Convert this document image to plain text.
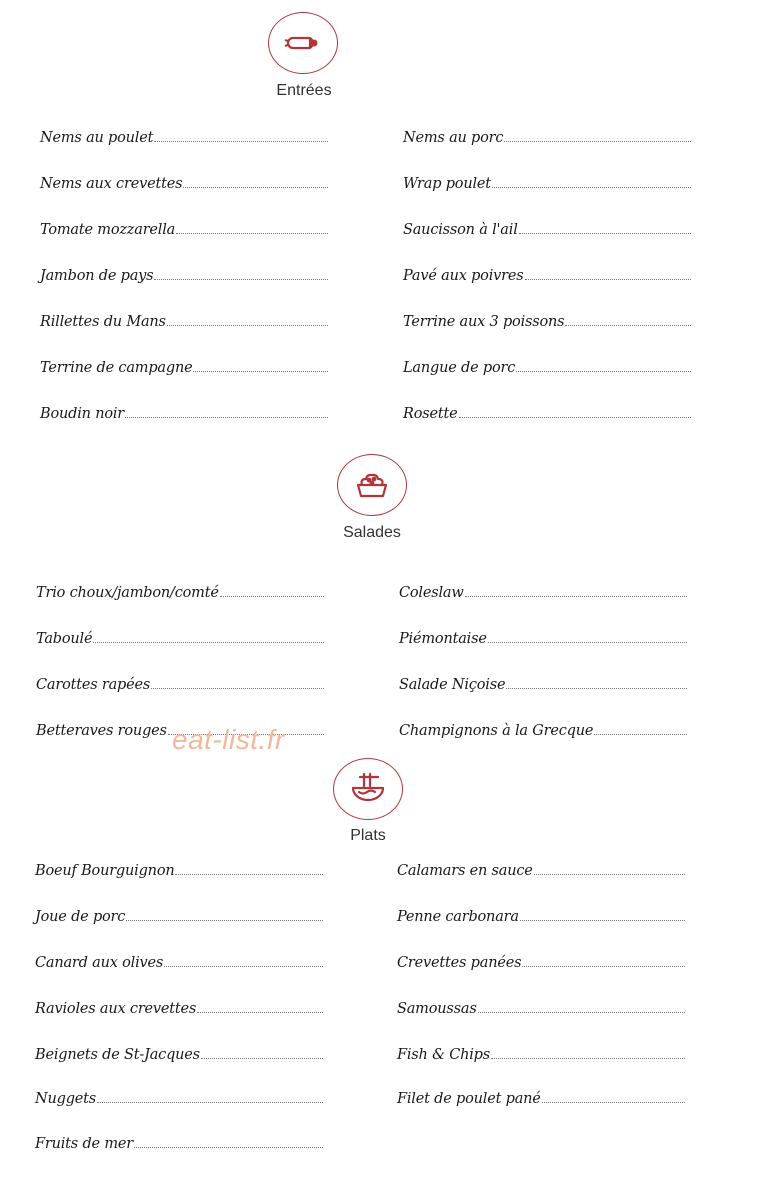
Entrées
Nems au poulet
Nems aux crevettes
Tomate mozzarella
Jambon de pays
Rillettes du Mans
Terrine de campagne
Boudin noir
Nems au porc
Wrap poulet
Saucisson à l'ail
Pavé aux poivres
Terrine aux 3 poissons
Langue de porc
Rosette
Salades
Trio choux/jambon/comté
Taboulé
Carottes rapées
Betteraves rouges
Coleslaw
Piémontaise
Salade Niçoise
Champignons à la Grecque
eat-list.fr
Plats
Boeuf Bourguignon
Joue de porc
Canard aux olives
Ravioles aux crevettes
Beignets de St-Jacques
Nuggets
Fruits de mer
Calamars en sauce
Penne carbonara
Crevettes panées
Samoussas
Fish & Chips
Filet de poulet pané
